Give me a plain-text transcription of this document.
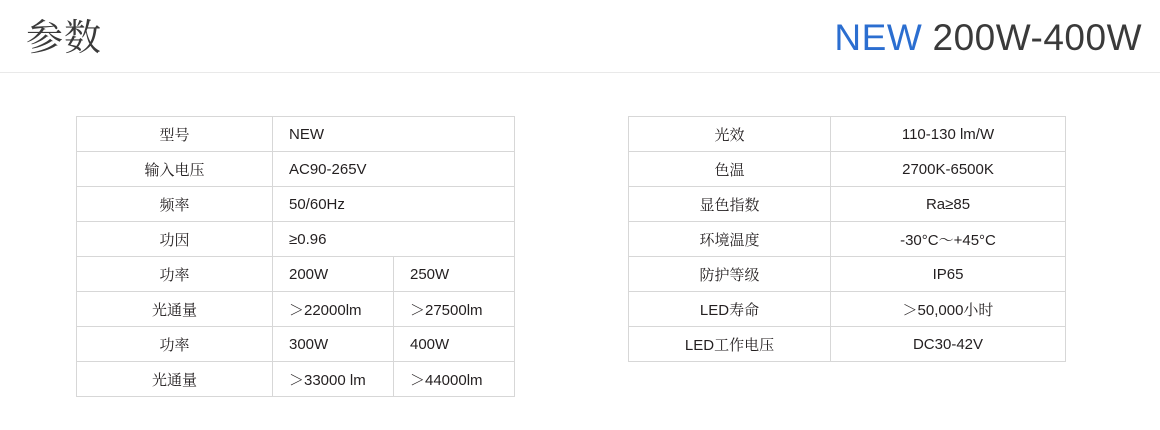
参数	NEW 200W-400W
型号	NEW	
输入电压	AC90-265V	
频率	50/60Hz	
功因	≥0.96	
功率	200W	250W
光通量	＞22000lm	＞27500lm
功率	300W	400W
光通量	＞33000 lm	＞44000lm
光效	110-130 lm/W
色温	2700K-6500K
显色指数	Ra≥85
环境温度	-30°C～+45°C
防护等级	IP65
LED寿命	＞50,000小时
LED工作电压	DC30-42V
